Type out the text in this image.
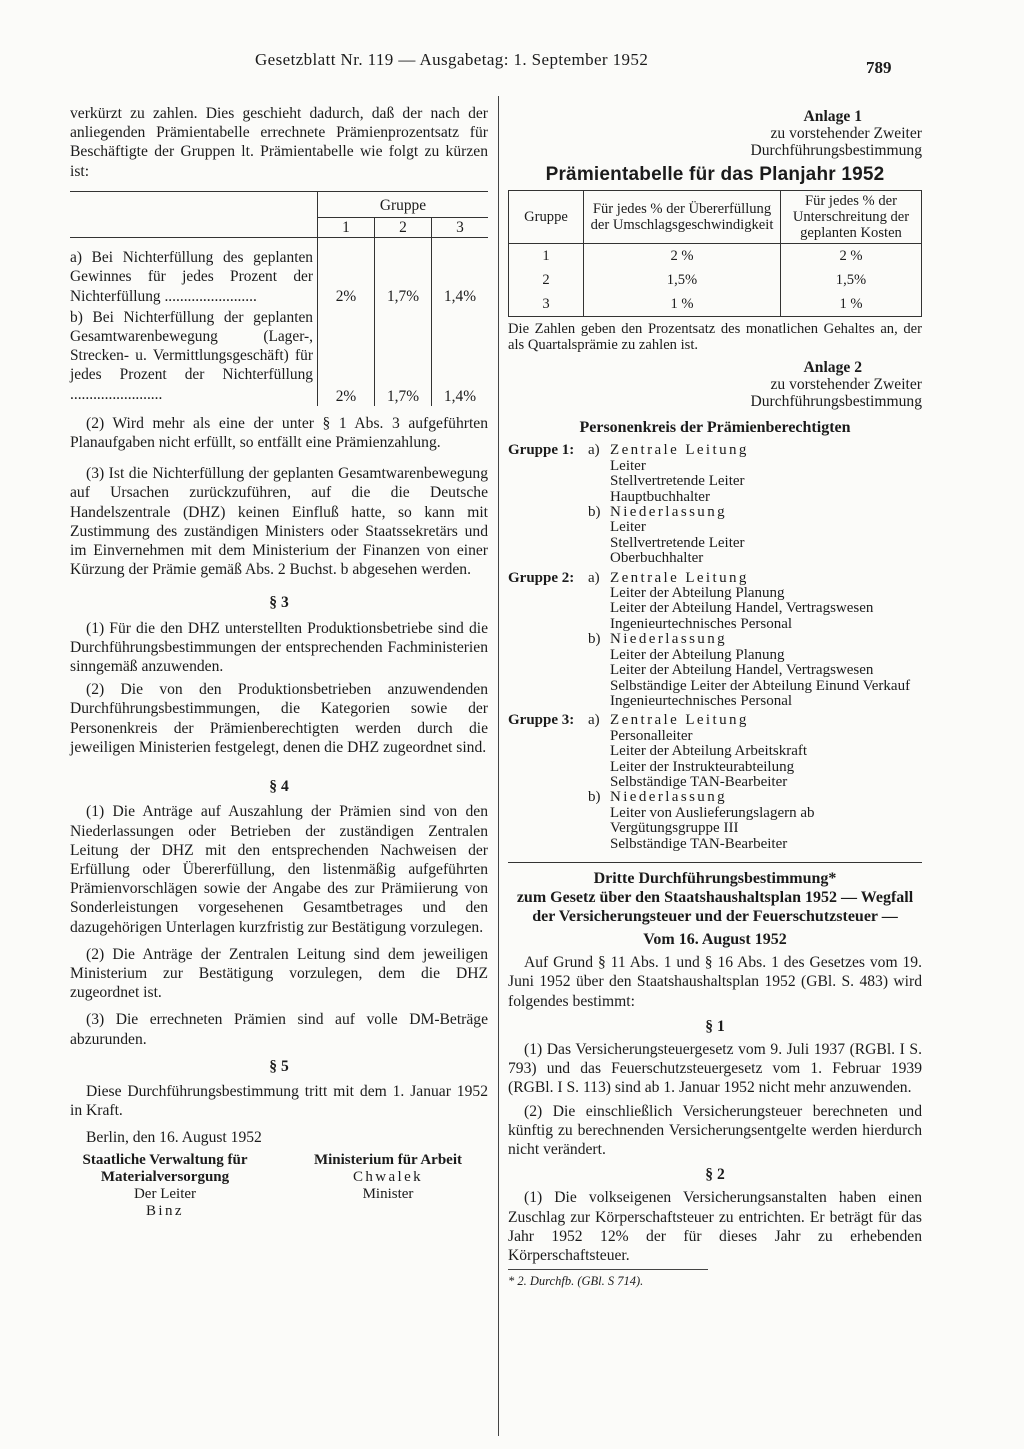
Gesetzblatt Nr. 119 — Ausgabetag: 1. September 1952	789

verkürzt zu zahlen. Dies geschieht dadurch, daß der nach der anliegenden Prämientabelle errechnete Prämienprozentsatz für Beschäftigte der Gruppen lt. Prämientabelle wie folgt zu kürzen ist:

	Gruppe
1 2 3		

a) Bei Nichterfüllung des geplanten Gewinnes für jedes Prozent der Nichterfüllung ........................	2%	1,7%	1,4%
b) Bei Nichterfüllung der geplanten Gesamtwarenbewegung (Lager-, Strecken- u. Vermittlungsgeschäft) für jedes Prozent der Nichterfüllung ........................	2%	1,7%	1,4%

(2) Wird mehr als eine der unter § 1 Abs. 3 aufgeführten Planaufgaben nicht erfüllt, so entfällt eine Prämienzahlung.

(3) Ist die Nichterfüllung der geplanten Gesamtwarenbewegung auf Ursachen zurückzuführen, auf die die Deutsche Handelszentrale (DHZ) keinen Einfluß hatte, so kann mit Zustimmung des zuständigen Ministers oder Staatssekretärs und im Einvernehmen mit dem Ministerium der Finanzen von einer Kürzung der Prämie gemäß Abs. 2 Buchst. b abgesehen werden.

§ 3

(1) Für die den DHZ unterstellten Produktionsbetriebe sind die Durchführungsbestimmungen der entsprechenden Fachministerien sinngemäß anzuwenden.

(2) Die von den Produktionsbetrieben anzuwendenden Durchführungsbestimmungen, die Kategorien sowie der Personenkreis der Prämienberechtigten werden durch die jeweiligen Ministerien festgelegt, denen die DHZ zugeordnet sind.

§ 4

(1) Die Anträge auf Auszahlung der Prämien sind von den Niederlassungen oder Betrieben der zuständigen Zentralen Leitung der DHZ mit den entsprechenden Nachweisen der Erfüllung oder Übererfüllung, den listenmäßig aufgeführten Prämienvorschlägen sowie der Angabe des zur Prämiierung von Sonderleistungen vorgesehenen Gesamtbetrages und den dazugehörigen Unterlagen kurzfristig zur Bestätigung vorzulegen.

(2) Die Anträge der Zentralen Leitung sind dem jeweiligen Ministerium zur Bestätigung vorzulegen, dem die DHZ zugeordnet ist.

(3) Die errechneten Prämien sind auf volle DM-Beträge abzurunden.

§ 5

Diese Durchführungsbestimmung tritt mit dem 1. Januar 1952 in Kraft.

Berlin, den 16. August 1952

Staatliche Verwaltung für Materialversorgung
Der Leiter
Binz
Ministerium für Arbeit
Chwalek
Minister
Anlage 1
zu vorstehender Zweiter
Durchführungsbestimmung
Prämientabelle für das Planjahr 1952
Gruppe	Für jedes % der Übererfüllung der Umschlagsgeschwindigkeit	Für jedes % der Unterschreitung der geplanten Kosten
1	2 %	2 %
2	1,5%	1,5%
3	1 %	1 %

Die Zahlen geben den Prozentsatz des monatlichen Gehaltes an, der als Quartalsprämie zu zahlen ist.

Anlage 2
zu vorstehender Zweiter
Durchführungsbestimmung
Personenkreis der Prämienberechtigten
Gruppe 1: a) Zentrale Leitung
Leiter
Stellvertretende Leiter
Hauptbuchhalter
b) Niederlassung
Leiter
Stellvertretende Leiter
Oberbuchhalter
Gruppe 2: a) Zentrale Leitung
Leiter der Abteilung Planung
Leiter der Abteilung Handel, Vertragswesen
Ingenieurtechnisches Personal
b) Niederlassung
Leiter der Abteilung Planung
Leiter der Abteilung Handel, Vertragswesen
Selbständige Leiter der Abteilung Einund Verkauf
Ingenieurtechnisches Personal
Gruppe 3: a) Zentrale Leitung
Personalleiter
Leiter der Abteilung Arbeitskraft
Leiter der Instrukteurabteilung
Selbständige TAN-Bearbeiter
b) Niederlassung
Leiter von Auslieferungslagern ab Vergütungsgruppe III
Selbständige TAN-Bearbeiter
Dritte Durchführungsbestimmung*
zum Gesetz über den Staatshaushaltsplan 1952 — Wegfall der Versicherungsteuer und der Feuerschutzsteuer —
Vom 16. August 1952

Auf Grund § 11 Abs. 1 und § 16 Abs. 1 des Gesetzes vom 19. Juni 1952 über den Staatshaushaltsplan 1952 (GBl. S. 483) wird folgendes bestimmt:

§ 1

(1) Das Versicherungsteuergesetz vom 9. Juli 1937 (RGBl. I S. 793) und das Feuerschutzsteuergesetz vom 1. Februar 1939 (RGBl. I S. 113) sind ab 1. Januar 1952 nicht mehr anzuwenden.

(2) Die einschließlich Versicherungsteuer berechneten und künftig zu berechnenden Versicherungsentgelte werden hierdurch nicht verändert.

§ 2

(1) Die volkseigenen Versicherungsanstalten haben einen Zuschlag zur Körperschaftsteuer zu entrichten. Er beträgt für das Jahr 1952 12% der für dieses Jahr zu erhebenden Körperschaftsteuer.

* 2. Durchfb. (GBl. S 714).
